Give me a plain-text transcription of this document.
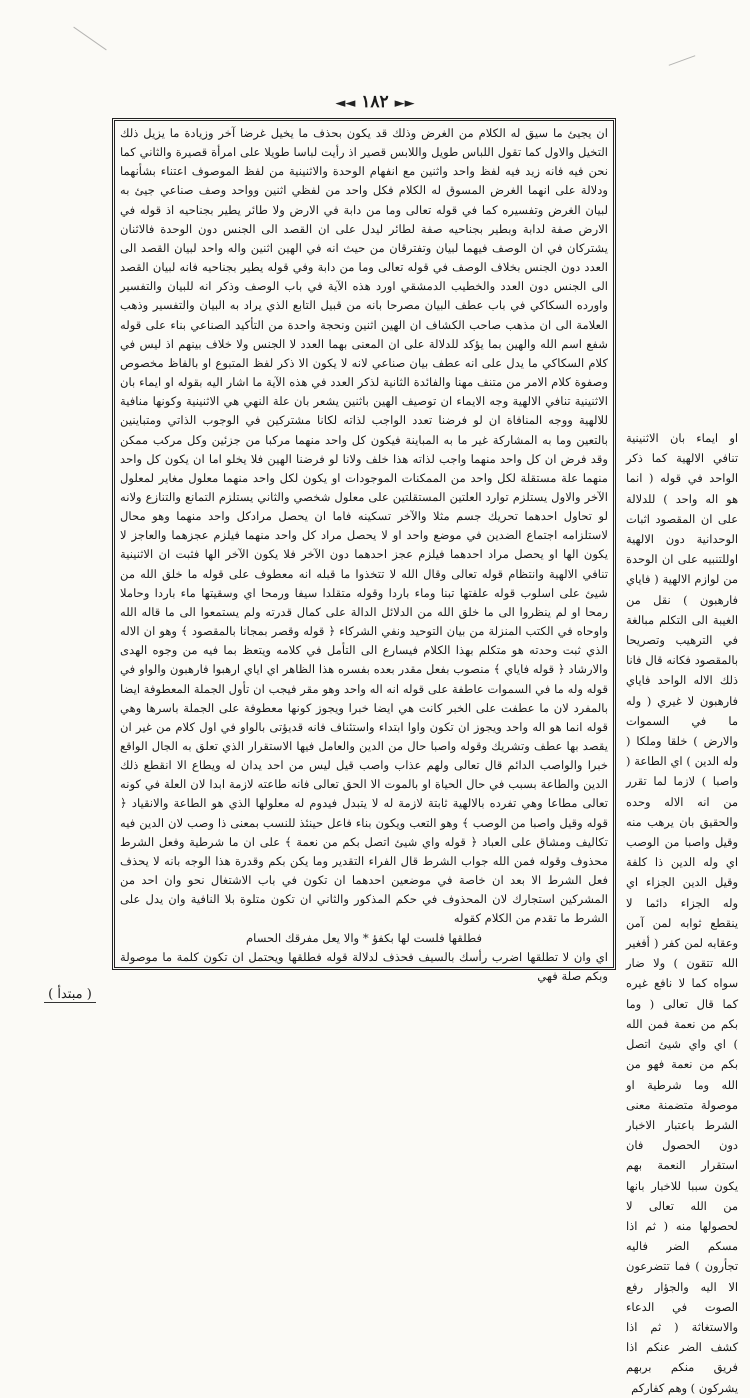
◄◄ ١٨٢ ►►

ان يجيئ ما سيق له الكلام من الغرض وذلك قد يكون بحذف ما يخيل غرضا آخر وزيادة ما يزيل ذلك التخيل والاول كما تقول اللباس طويل واللابس قصير اذ رأيت لباسا طويلا على امرأة قصيرة والثاني كما نحن فيه فانه زيد فيه لفظ واحد واثنين مع انفهام الوحدة والاثنينية من لفظ الموصوف اعتناء بشأنهما ودلالة على انهما الغرض المسوق له الكلام فكل واحد من لفظي اثنين وواحد وصف صناعي جيئ به لبيان الغرض وتفسيره كما في قوله تعالى وما من دابة في الارض ولا طائر يطير بجناحيه اذ قوله في الارض صفة لدابة وبطير بجناحيه صفة لطائر ليدل على ان القصد الى الجنس دون الوحدة فالاثنان يشتركان في ان الوصف فيهما لبيان وتفترقان من حيث انه في الهين اثنين واله واحد لبيان القصد الى العدد دون الجنس بخلاف الوصف في قوله تعالى وما من دابة وفي قوله يطير بجناحيه فانه لبيان القصد الى الجنس دون العدد والخطيب الدمشقي اورد هذه الآية في باب الوصف وذكر انه للبيان والتفسير واورده السكاكي في باب عطف البيان مصرحا بانه من قبيل التابع الذي يراد به البيان والتفسير وذهب العلامة الى ان مذهب صاحب الكشاف ان الهين اثنين ونحجة واحدة من التأكيد الصناعي بناء على قوله شفع اسم الله والهين بما يؤكد للدلالة على ان المعنى بهما العدد لا الجنس ولا خلاف بينهم اذ ليس في كلام السكاكي ما يدل على انه عطف بيان صناعي لانه لا يكون الا ذكر لفظ المتبوع او بالفاظ مخصوص وصفوة كلام الامر من متنف مهنا والفائدة الثانية لذكر العدد في هذه الآية ما اشار اليه بقوله او ايماء بان الاثنينية تنافي الالهية وجه الايماء ان توصيف الهين باثنين يشعر بان علة النهي هي الاثنينية وكونها منافية للالهية ووجه المنافاة ان لو فرضنا تعدد الواجب لذاته لكانا مشتركين في الوجوب الذاتي ومتباينين بالتعين وما به المشاركة غير ما به المباينة فيكون كل واحد منهما مركبا من جزئين وكل مركب ممكن وقد فرض ان كل واحد منهما واجب لذاته هذا خلف ولانا لو فرضنا الهين فلا يخلو اما ان يكون كل واحد منهما علة مستقلة لكل واحد من الممكنات الموجودات او يكون لكل واحد منهما معلول مغاير لمعلول الآخر والاول يستلزم توارد العلتين المستقلتين على معلول شخصي والثاني يستلزم التمانع والتنازع ولانه لو تحاول احدهما تحريك جسم مثلا والآخر تسكينه فاما ان يحصل مرادكل واحد منهما وهو محال لاستلزامه اجتماع الضدين في موضع واحد او لا يحصل مراد كل واحد منهما فيلزم عجزهما والعاجز لا يكون الها او يحصل مراد احدهما فيلزم عجز احدهما دون الآخر فلا يكون الآخر الها فثبت ان الاثنينية تنافي الالهية وانتظام قوله تعالى وقال الله لا تتخذوا ما قبله انه معطوف على قوله ما خلق الله من شيئ على اسلوب قوله علفتها تبنا وماء باردا وقوله متقلدا سيفا ورمحا اي وسقيتها ماء باردا وحاملا رمحا او لم ينظروا الى ما خلق الله من الدلائل الدالة على كمال قدرته ولم يستمعوا الى ما قاله الله واوحاه في الكتب المنزلة من بيان التوحيد ونفي الشركاء ﴿ قوله وقصر بمجانا بالمقصود ﴾ وهو ان الاله الذي ثبت وحدته هو متكلم بهذا الكلام فيسارع الى التأمل في كلامه ويتعظ بما فيه من وجوه الهدى والارشاد ﴿ قوله فاياي ﴾ منصوب بفعل مقدر بعده بفسره هذا الظاهر اي اياي ارهبوا فارهبون والواو في قوله وله ما في السموات عاطفة على قوله انه اله واحد وهو مقر فيجب ان تأول الجملة المعطوفة ايضا بالمفرد لان ما عطفت على الخبر كانت هي ايضا خبرا ويجوز كونها معطوفة على الجملة باسرها وهي قوله انما هو اله واحد ويجوز ان تكون واوا ابتداء واستئناف فانه قديؤتى بالواو في اول كلام من غير ان يقصد بها عطف وتشريك وقوله واصبا حال من الدين والعامل فيها الاستقرار الذي تعلق به الجال الواقع خبرا والواصب الدائم قال تعالى ولهم عذاب واصب قيل ليس من احد يدان له ويطاع الا انقطع ذلك الدين والطاعة بسبب في حال الحياة او بالموت الا الحق تعالى فانه طاعته لازمة ابدا لان العلة في كونه تعالى مطاعا وهي تفرده بالالهية ثابتة لازمة له لا يتبدل فيدوم له معلولها الذي هو الطاعة والانقياد ﴿ قوله وقيل واصبا من الوصب ﴾ وهو التعب ويكون بناء فاعل حينئذ للنسب بمعنى ذا وصب لان الدين فيه تكاليف ومشاق على العباد ﴿ قوله واي شيئ اتصل بكم من نعمة ﴾ على ان ما شرطية وفعل الشرط محذوف وقوله فمن الله جواب الشرط قال الفراء التقدير وما يكن بكم وقدرة هذا الوجه بانه لا يحذف فعل الشرط الا بعد ان خاصة في موضعين احدهما ان تكون في باب الاشتغال نحو وان احد من المشركين استجارك لان المحذوف في حكم المذكور والثاني ان تكون متلوة بلا النافية وان يدل على الشرط ما تقدم من الكلام كقوله

فطلقها فلست لها بكفؤ * والا يعل مفرقك الحسام

اي وان لا تطلقها اضرب رأسك بالسيف فحذف لدلالة قوله فطلقها ويحتمل ان تكون كلمة ما موصولة وبكم صلة فهي

او ايماء بان الاثنينية تنافي الالهية كما ذكر الواحد في قوله ( انما هو اله واحد ) للدلالة على ان المقصود اثبات الوحدانية دون الالهية اوللتنبيه على ان الوحدة من لوازم الالهية ( فاياي فارهبون ) نقل من الغيبة الى التكلم مبالغة في الترهيب وتصريحا بالمقصود فكانه قال فانا ذلك الاله الواحد فاياي فارهبون لا غيري ( وله ما في السموات والارض ) خلقا وملكا ( وله الدين ) اي الطاعة ( واصبا ) لازما لما تقرر من انه الاله وحده والحقيق بان يرهب منه وقيل واصبا من الوصب اي وله الدين ذا كلفة وقيل الدين الجزاء اي وله الجزاء دائما لا ينقطع ثوابه لمن آمن وعقابه لمن كفر ( أفغير الله تتقون ) ولا ضار سواه كما لا نافع غيره كما قال تعالى ( وما بكم من نعمة فمن الله ) اي واي شيئ اتصل بكم من نعمة فهو من الله وما شرطية او موصولة متضمنة معنى الشرط باعتبار الاخبار دون الحصول فان استقرار النعمة بهم يكون سببا للاخبار بانها من الله تعالى لا لحصولها منه ( ثم اذا مسكم الضر فاليه تجأرون ) فما تتضرعون الا اليه والجؤار رفع الصوت في الدعاء والاستغاثة ( ثم اذا كشف الضر عنكم اذا فريق منكم بربهم يشركون ) وهم كفاركم

( مبتدأ )
